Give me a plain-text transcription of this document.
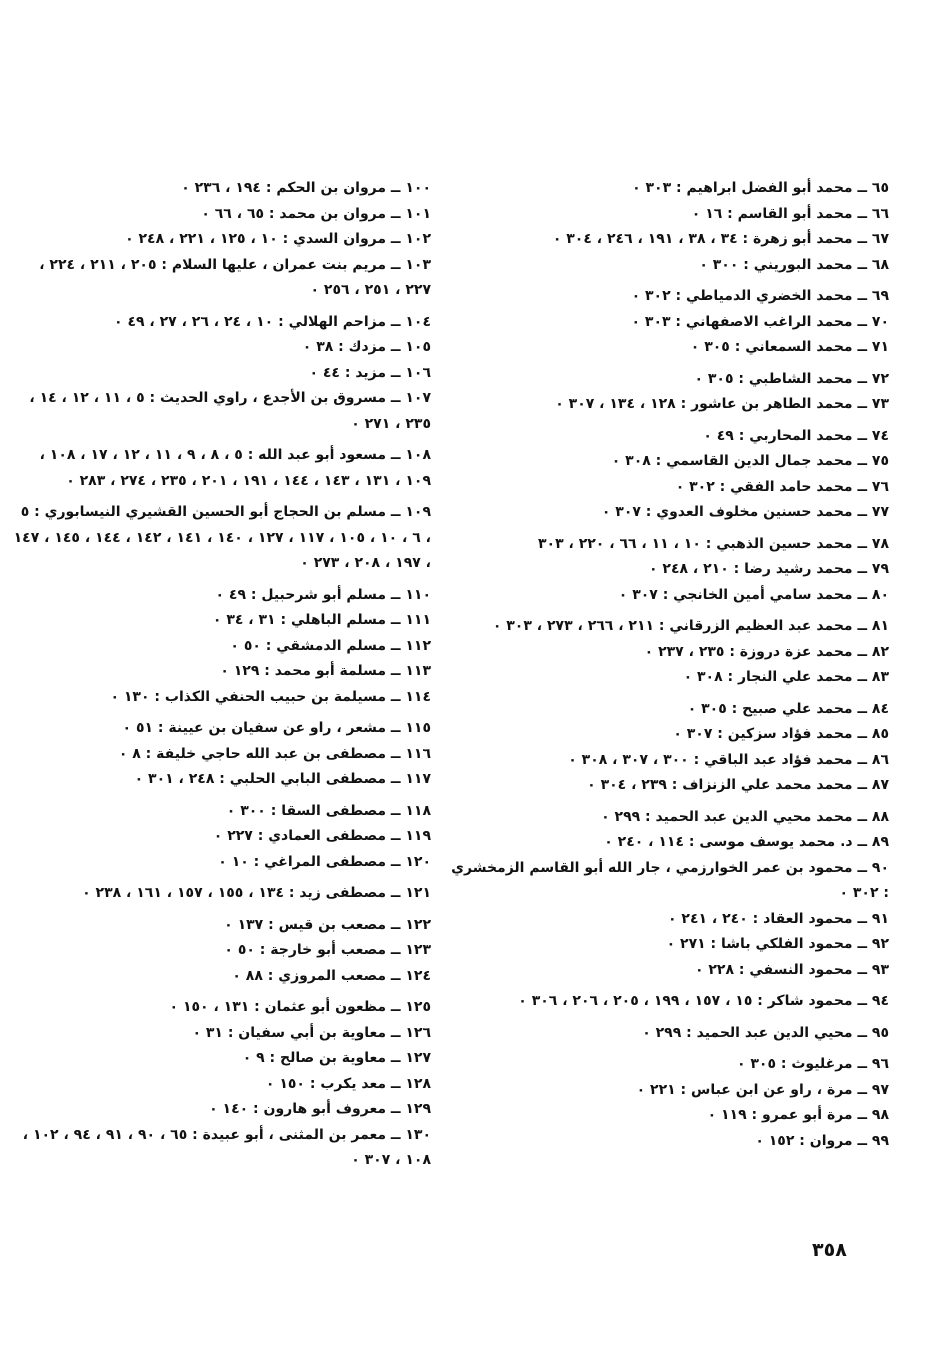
٦٥ ــ محمد أبو الفضل ابراهيم : ٣٠٣ ٠
٦٦ ــ محمد أبو القاسم : ١٦ ٠
٦٧ ــ محمد أبو زهرة : ٣٤ ، ٣٨ ، ١٩١ ، ٢٤٦ ، ٣٠٤ ٠
٦٨ ــ محمد البوريني : ٣٠٠ ٠
٦٩ ــ محمد الخضري الدمياطي : ٣٠٢ ٠
٧٠ ــ محمد الراغب الاصفهاني : ٣٠٣ ٠
٧١ ــ محمد السمعاني : ٣٠٥ ٠
٧٢ ــ محمد الشاطبي : ٣٠٥ ٠
٧٣ ــ محمد الطاهر بن عاشور : ١٢٨ ، ١٣٤ ، ٣٠٧ ٠
٧٤ ــ محمد المحاربي : ٤٩ ٠
٧٥ ــ محمد جمال الدين القاسمي : ٣٠٨ ٠
٧٦ ــ محمد حامد الفقي : ٣٠٢ ٠
٧٧ ــ محمد حسنين مخلوف العدوي : ٣٠٧ ٠
٧٨ ــ محمد حسين الذهبي : ١٠ ، ١١ ، ٦٦ ، ٢٢٠ ، ٣٠٣
٧٩ ــ محمد رشيد رضا : ٢١٠ ، ٢٤٨ ٠
٨٠ ــ محمد سامي أمين الخانجي : ٣٠٧ ٠
٨١ ــ محمد عبد العظيم الزرقاني : ٢١١ ، ٢٦٦ ، ٢٧٣ ، ٣٠٣ ٠
٨٢ ــ محمد عزة دروزة : ٢٣٥ ، ٢٣٧ ٠
٨٣ ــ محمد علي النجار : ٣٠٨ ٠
٨٤ ــ محمد علي صبيح : ٣٠٥ ٠
٨٥ ــ محمد فؤاد سزكين : ٣٠٧ ٠
٨٦ ــ محمد فؤاد عبد الباقي : ٣٠٠ ، ٣٠٧ ، ٣٠٨ ٠
٨٧ ــ محمد محمد علي الزنزاف : ٢٣٩ ، ٣٠٤ ٠
٨٨ ــ محمد محيي الدين عبد الحميد : ٢٩٩ ٠
٨٩ ــ د. محمد يوسف موسى : ١١٤ ، ٢٤٠ ٠
٩٠ ــ محمود بن عمر الخوارزمي ، جار الله أبو القاسم الزمخشري : ٣٠٢ ٠
٩١ ــ محمود العقاد : ٢٤٠ ، ٢٤١ ٠
٩٢ ــ محمود الفلكي باشا : ٢٧١ ٠
٩٣ ــ محمود النسفي : ٢٢٨ ٠
٩٤ ــ محمود شاكر : ١٥ ، ١٥٧ ، ١٩٩ ، ٢٠٥ ، ٢٠٦ ، ٣٠٦ ٠
٩٥ ــ محيي الدين عبد الحميد : ٢٩٩ ٠
٩٦ ــ مرغليوث : ٣٠٥ ٠
٩٧ ــ مرة ، راو عن ابن عباس : ٢٢١ ٠
٩٨ ــ مرة أبو عمرو : ١١٩ ٠
٩٩ ــ مروان : ١٥٢ ٠
١٠٠ ــ مروان بن الحكم : ١٩٤ ، ٢٣٦ ٠
١٠١ ــ مروان بن محمد : ٦٥ ، ٦٦ ٠
١٠٢ ــ مروان السدي : ١٠ ، ١٢٥ ، ٢٢١ ، ٢٤٨ ٠
١٠٣ ــ مريم بنت عمران ، عليها السلام : ٢٠٥ ، ٢١١ ، ٢٢٤ ، ٢٢٧ ، ٢٥١ ، ٢٥٦ ٠
١٠٤ ــ مزاحم الهلالي : ١٠ ، ٢٤ ، ٢٦ ، ٢٧ ، ٤٩ ٠
١٠٥ ــ مزدك : ٣٨ ٠
١٠٦ ــ مزيد : ٤٤ ٠
١٠٧ ــ مسروق بن الأجدع ، راوي الحديث : ٥ ، ١١ ، ١٢ ، ١٤ ، ٢٣٥ ، ٢٧١ ٠
١٠٨ ــ مسعود أبو عبد الله : ٥ ، ٨ ، ٩ ، ١١ ، ١٢ ، ١٧ ، ١٠٨ ، ١٠٩ ، ١٣١ ، ١٤٣ ، ١٤٤ ، ١٩١ ، ٢٠١ ، ٢٣٥ ، ٢٧٤ ، ٢٨٣ ٠
١٠٩ ــ مسلم بن الحجاج أبو الحسين القشيري النيسابوري : ٥ ، ٦ ، ١٠ ، ١٠٥ ، ١١٧ ، ١٢٧ ، ١٤٠ ، ١٤١ ، ١٤٢ ، ١٤٤ ، ١٤٥ ، ١٤٧ ، ١٩٧ ، ٢٠٨ ، ٢٧٣ ٠
١١٠ ــ مسلم أبو شرحبيل : ٤٩ ٠
١١١ ــ مسلم الباهلي : ٣١ ، ٣٤ ٠
١١٢ ــ مسلم الدمشقي : ٥٠ ٠
١١٣ ــ مسلمة أبو محمد : ١٢٩ ٠
١١٤ ــ مسيلمة بن حبيب الحنفي الكذاب : ١٣٠ ٠
١١٥ ــ مشعر ، راو عن سفيان بن عيينة : ٥١ ٠
١١٦ ــ مصطفى بن عبد الله حاجي خليفة : ٨ ٠
١١٧ ــ مصطفى البابي الحلبي : ٢٤٨ ، ٣٠١ ٠
١١٨ ــ مصطفى السقا : ٣٠٠ ٠
١١٩ ــ مصطفى العمادي : ٢٢٧ ٠
١٢٠ ــ مصطفى المراغي : ١٠ ٠
١٢١ ــ مصطفى زيد : ١٣٤ ، ١٥٥ ، ١٥٧ ، ١٦١ ، ٢٣٨ ٠
١٢٢ ــ مصعب بن قيس : ١٣٧ ٠
١٢٣ ــ مصعب أبو خارجة : ٥٠ ٠
١٢٤ ــ مصعب المروزي : ٨٨ ٠
١٢٥ ــ مظعون أبو عثمان : ١٣١ ، ١٥٠ ٠
١٢٦ ــ معاوية بن أبي سفيان : ٣١ ٠
١٢٧ ــ معاوية بن صالح : ٩ ٠
١٢٨ ــ معد يكرب : ١٥٠ ٠
١٢٩ ــ معروف أبو هارون : ١٤٠ ٠
١٣٠ ــ معمر بن المثنى ، أبو عبيدة : ٦٥ ، ٩٠ ، ٩١ ، ٩٤ ، ١٠٢ ، ١٠٨ ، ٣٠٧ ٠
٣٥٨
